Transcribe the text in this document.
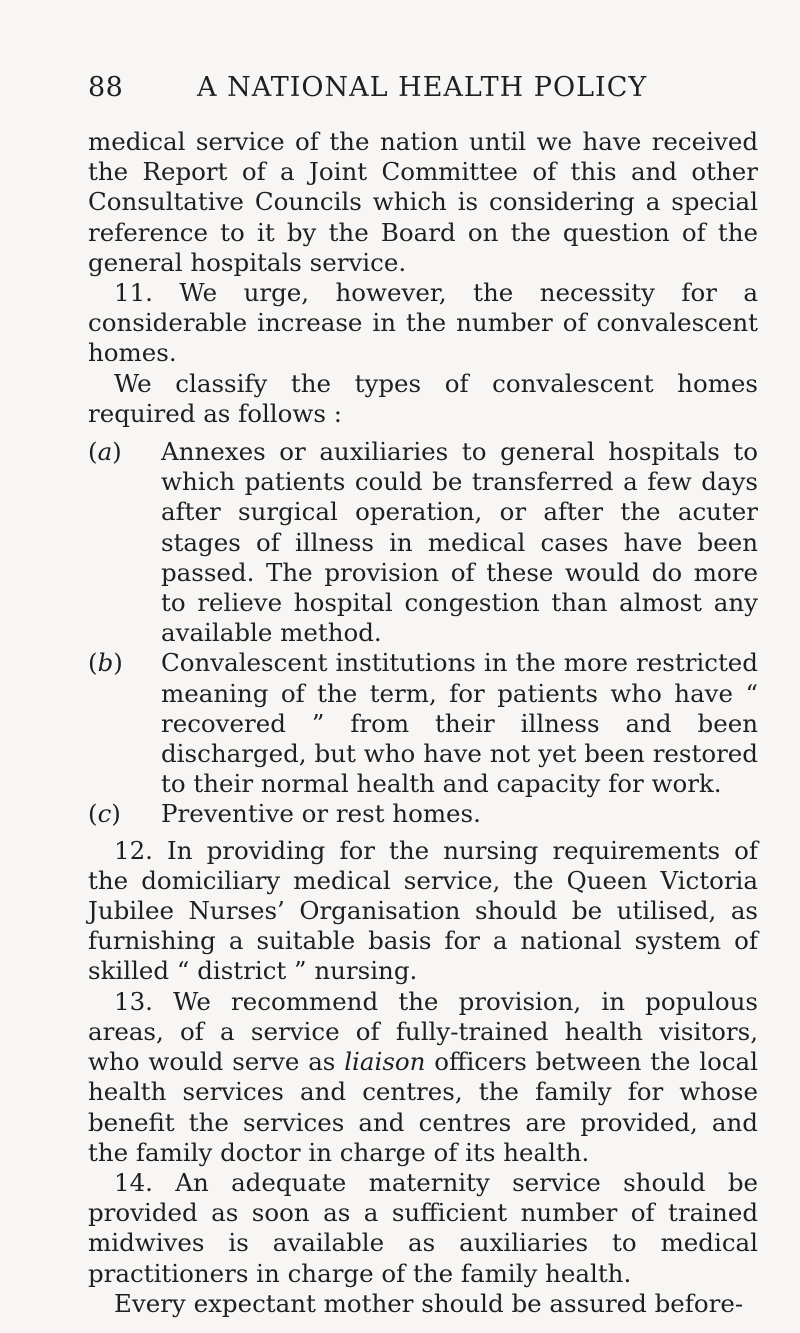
88	A NATIONAL HEALTH POLICY

medical service of the nation until we have received the Report of a Joint Committee of this and other Consultative Councils which is considering a special reference to it by the Board on the question of the general hospitals service.

11. We urge, however, the necessity for a considerable increase in the number of convalescent homes.

We classify the types of convalescent homes required as follows :

(a) Annexes or auxiliaries to general hospitals to which patients could be transferred a few days after surgical operation, or after the acuter stages of illness in medical cases have been passed. The provision of these would do more to relieve hospital congestion than almost any available method.
(b) Convalescent institutions in the more restricted meaning of the term, for patients who have “ recovered ” from their illness and been discharged, but who have not yet been restored to their normal health and capacity for work.
(c) Preventive or rest homes.

12. In providing for the nursing requirements of the domiciliary medical service, the Queen Victoria Jubilee Nurses’ Organisation should be utilised, as furnishing a suitable basis for a national system of skilled “ district ” nursing.

13. We recommend the provision, in populous areas, of a service of fully-trained health visitors, who would serve as liaison officers between the local health services and centres, the family for whose benefit the services and centres are provided, and the family doctor in charge of its health.

14. An adequate maternity service should be provided as soon as a sufficient number of trained midwives is available as auxiliaries to medical practitioners in charge of the family health.

Every expectant mother should be assured before-
